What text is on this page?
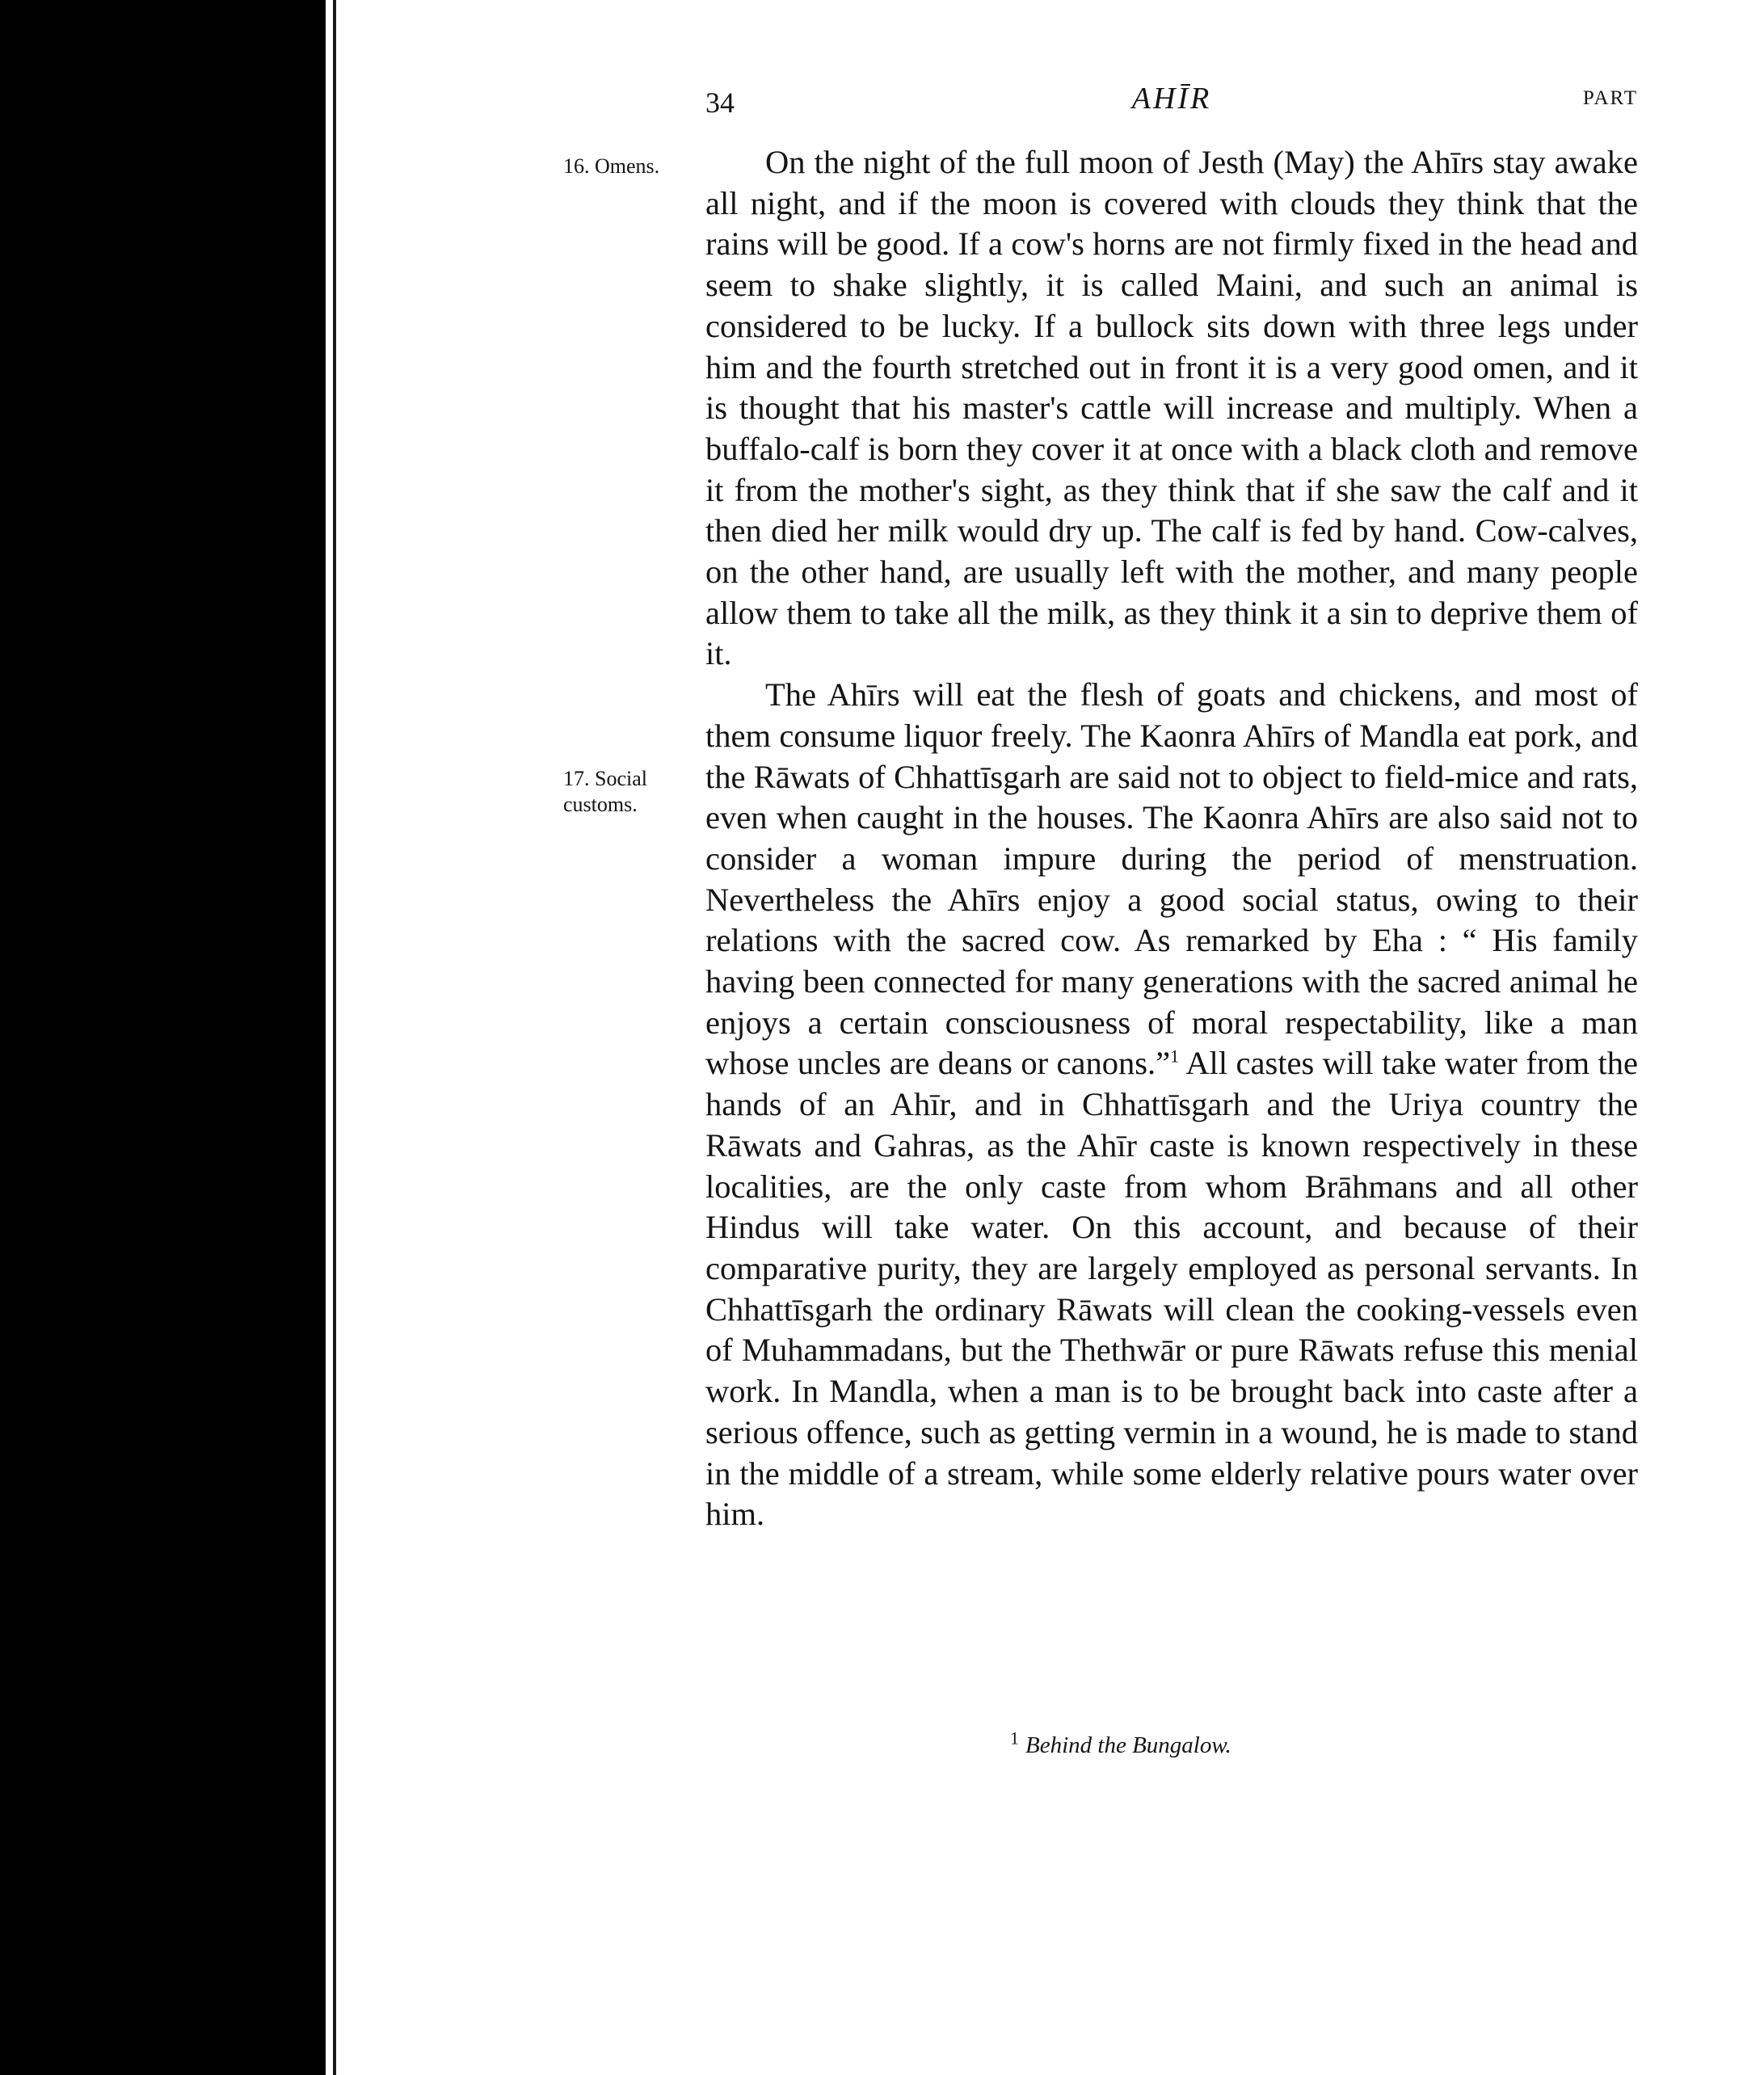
34	AHĪR	PART
16. Omens.
17. Social
customs.

On the night of the full moon of Jesth (May) the Ahīrs stay awake all night, and if the moon is covered with clouds they think that the rains will be good. If a cow's horns are not firmly fixed in the head and seem to shake slightly, it is called Maini, and such an animal is considered to be lucky. If a bullock sits down with three legs under him and the fourth stretched out in front it is a very good omen, and it is thought that his master's cattle will increase and multiply. When a buffalo-calf is born they cover it at once with a black cloth and remove it from the mother's sight, as they think that if she saw the calf and it then died her milk would dry up. The calf is fed by hand. Cow-calves, on the other hand, are usually left with the mother, and many people allow them to take all the milk, as they think it a sin to deprive them of it.

The Ahīrs will eat the flesh of goats and chickens, and most of them consume liquor freely. The Kaonra Ahīrs of Mandla eat pork, and the Rāwats of Chhattīsgarh are said not to object to field-mice and rats, even when caught in the houses. The Kaonra Ahīrs are also said not to consider a woman impure during the period of menstruation. Nevertheless the Ahīrs enjoy a good social status, owing to their relations with the sacred cow. As remarked by Eha : “ His family having been connected for many generations with the sacred animal he enjoys a certain consciousness of moral respectability, like a man whose uncles are deans or canons.”$^1$ All castes will take water from the hands of an Ahīr, and in Chhattīsgarh and the Uriya country the Rāwats and Gahras, as the Ahīr caste is known respectively in these localities, are the only caste from whom Brāhmans and all other Hindus will take water. On this account, and because of their comparative purity, they are largely employed as personal servants. In Chhattīsgarh the ordinary Rāwats will clean the cooking-vessels even of Muhammadans, but the Thethwār or pure Rāwats refuse this menial work. In Mandla, when a man is to be brought back into caste after a serious offence, such as getting vermin in a wound, he is made to stand in the middle of a stream, while some elderly relative pours water over him.

$^1$ Behind the Bungalow.
